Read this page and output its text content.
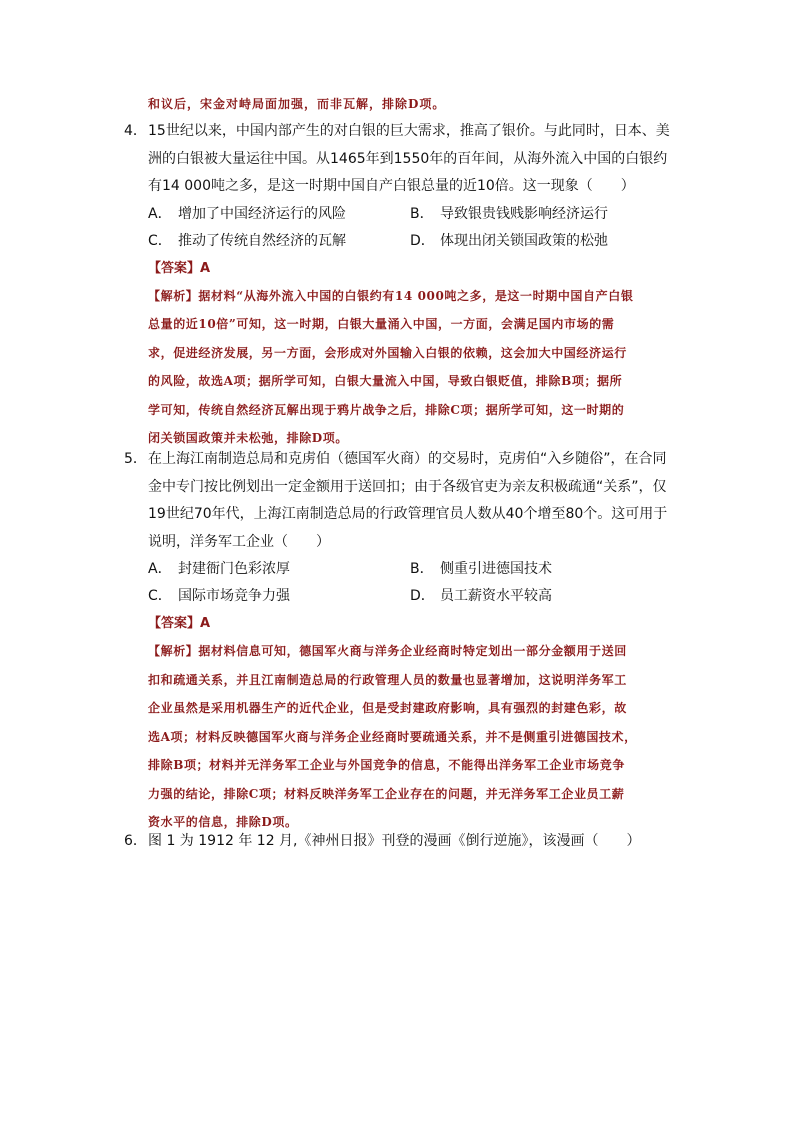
和议后，宋金对峙局面加强，而非瓦解，排除D项。
4． 15世纪以来，中国内部产生的对白银的巨大需求，推高了银价。与此同时，日本、美
洲的白银被大量运往中国。从1465年到1550年的百年间，从海外流入中国的白银约
有14 000吨之多，是这一时期中国自产白银总量的近10倍。这一现象（　　）
A． 增加了中国经济运行的风险	B． 导致银贵钱贱影响经济运行
C． 推动了传统自然经济的瓦解	D． 体现出闭关锁国政策的松弛
【答案】A
【解析】据材料“从海外流入中国的白银约有14 000吨之多，是这一时期中国自产白银
总量的近10倍”可知，这一时期，白银大量涌入中国，一方面，会满足国内市场的需
求，促进经济发展，另一方面，会形成对外国输入白银的依赖，这会加大中国经济运行
的风险，故选A项；据所学可知，白银大量流入中国，导致白银贬值，排除B项；据所
学可知，传统自然经济瓦解出现于鸦片战争之后，排除C项；据所学可知，这一时期的
闭关锁国政策并未松弛，排除D项。
5． 在上海江南制造总局和克虏伯（德国军火商）的交易时，克虏伯“入乡随俗”，在合同
金中专门按比例划出一定金额用于送回扣；由于各级官吏为亲友积极疏通“关系”，仅
19世纪70年代，上海江南制造总局的行政管理官员人数从40个增至80个。这可用于
说明，洋务军工企业（　　）
A． 封建衙门色彩浓厚	B． 侧重引进德国技术
C． 国际市场竞争力强	D． 员工薪资水平较高
【答案】A
【解析】据材料信息可知，德国军火商与洋务企业经商时特定划出一部分金额用于送回
扣和疏通关系，并且江南制造总局的行政管理人员的数量也显著增加，这说明洋务军工
企业虽然是采用机器生产的近代企业，但是受封建政府影响，具有强烈的封建色彩，故
选A项；材料反映德国军火商与洋务企业经商时要疏通关系，并不是侧重引进德国技术，
排除B项；材料并无洋务军工企业与外国竞争的信息，不能得出洋务军工企业市场竞争
力强的结论，排除C项；材料反映洋务军工企业存在的问题，并无洋务军工企业员工薪
资水平的信息，排除D项。
6． 图 1 为 1912 年 12 月,《神州日报》刊登的漫画《倒行逆施》，该漫画（　　）
